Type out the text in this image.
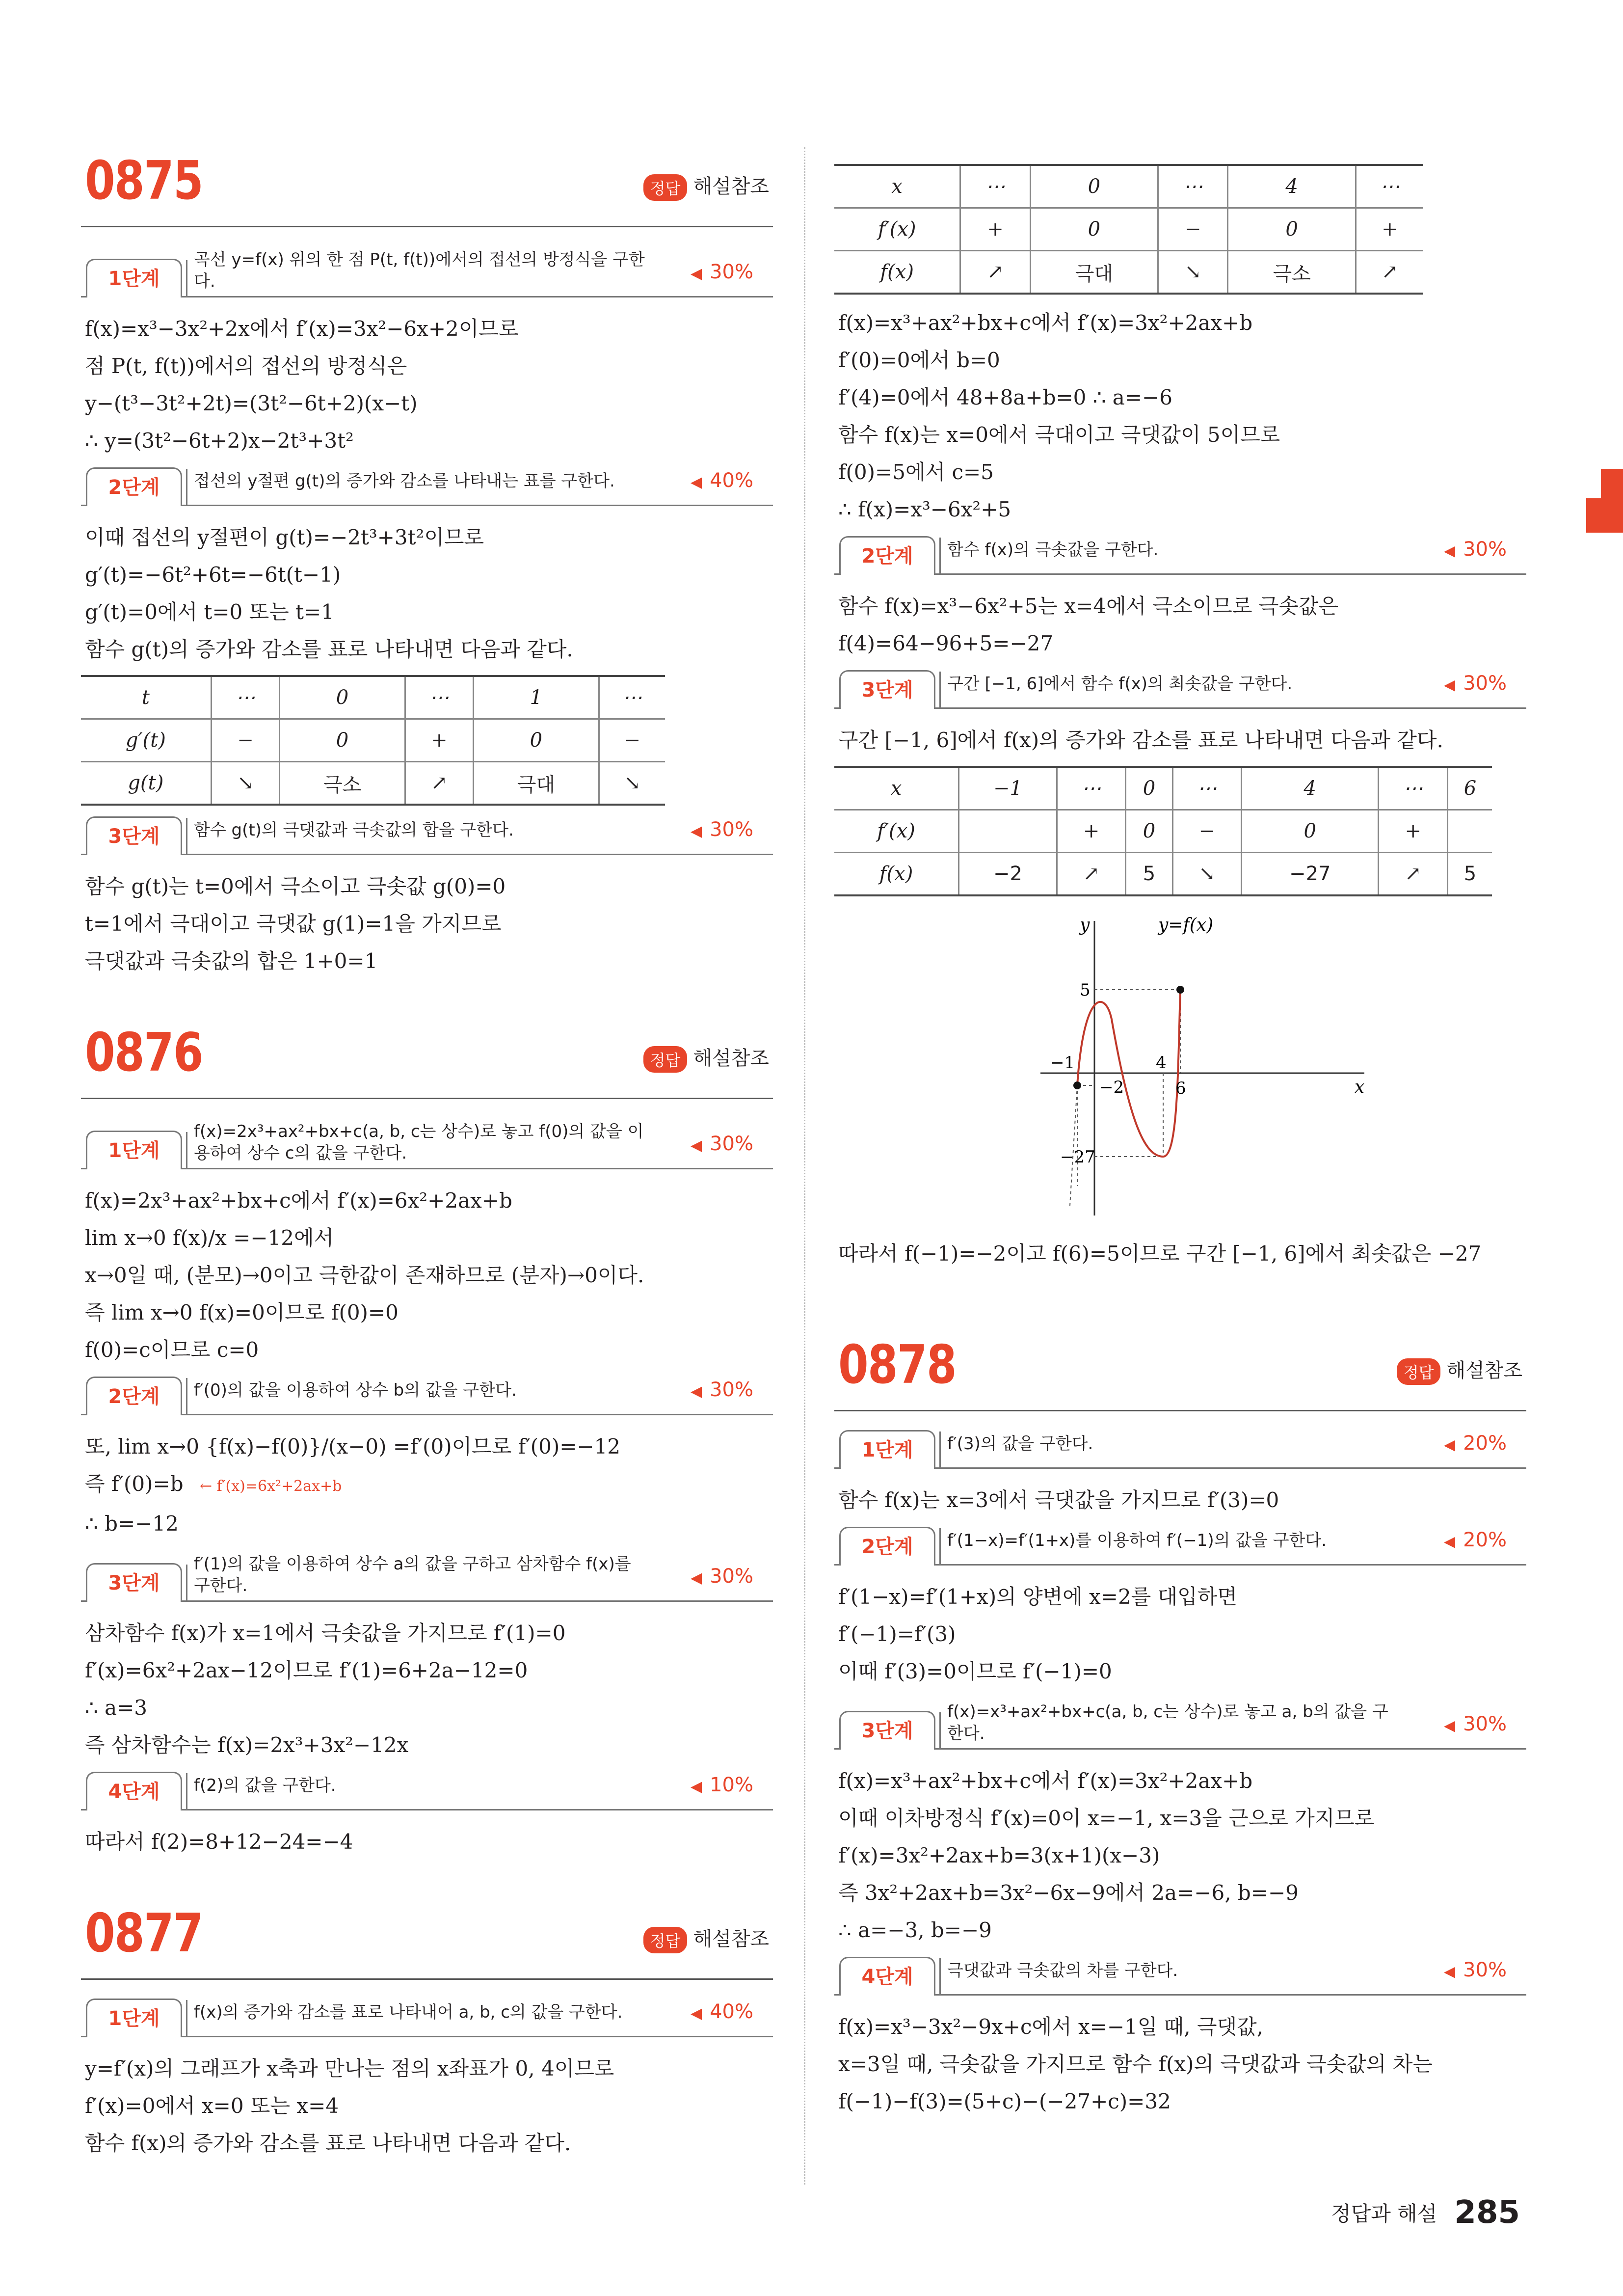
0875	정답 해설참조
1단계
곡선 y=f(x) 위의 한 점 P(t, f(t))에서의 접선의 방정식을 구한다.	◀ 30%
f(x)=x³−3x²+2x에서 f′(x)=3x²−6x+2이므로
점 P(t, f(t))에서의 접선의 방정식은
y−(t³−3t²+2t)=(3t²−6t+2)(x−t)
∴ y=(3t²−6t+2)x−2t³+3t²
2단계	접선의 y절편 g(t)의 증가와 감소를 나타내는 표를 구한다.	◀ 40%
이때 접선의 y절편이 g(t)=−2t³+3t²이므로
g′(t)=−6t²+6t=−6t(t−1)
g′(t)=0에서 t=0 또는 t=1
함수 g(t)의 증가와 감소를 표로 나타내면 다음과 같다.
t	⋯	0	⋯	1	⋯
g′(t)	−	0	+	0	−
g(t)	↘	극소	↗	극대	↘
3단계	함수 g(t)의 극댓값과 극솟값의 합을 구한다.	◀ 30%
함수 g(t)는 t=0에서 극소이고 극솟값 g(0)=0
t=1에서 극대이고 극댓값 g(1)=1을 가지므로
극댓값과 극솟값의 합은 1+0=1
0876	정답 해설참조
1단계
f(x)=2x³+ax²+bx+c(a, b, c는 상수)로 놓고 f(0)의 값을 이용하여 상수 c의 값을 구한다.	◀ 30%
f(x)=2x³+ax²+bx+c에서 f′(x)=6x²+2ax+b
lim x→0 f(x)/x =−12에서
x→0일 때, (분모)→0이고 극한값이 존재하므로 (분자)→0이다.
즉 lim x→0 f(x)=0이므로 f(0)=0
f(0)=c이므로 c=0
2단계	f′(0)의 값을 이용하여 상수 b의 값을 구한다.	◀ 30%
또, lim x→0 {f(x)−f(0)}/(x−0) =f′(0)이므로 f′(0)=−12
즉 f′(0)=b ← f′(x)=6x²+2ax+b
∴ b=−12
3단계
f′(1)의 값을 이용하여 상수 a의 값을 구하고 삼차함수 f(x)를 구한다.	◀ 30%
삼차함수 f(x)가 x=1에서 극솟값을 가지므로 f′(1)=0
f′(x)=6x²+2ax−12이므로 f′(1)=6+2a−12=0
∴ a=3
즉 삼차함수는 f(x)=2x³+3x²−12x
4단계	f(2)의 값을 구한다.	◀ 10%
따라서 f(2)=8+12−24=−4
0877	정답 해설참조
1단계	f(x)의 증가와 감소를 표로 나타내어 a, b, c의 값을 구한다.	◀ 40%
y=f′(x)의 그래프가 x축과 만나는 점의 x좌표가 0, 4이므로
f′(x)=0에서 x=0 또는 x=4
함수 f(x)의 증가와 감소를 표로 나타내면 다음과 같다.
x	⋯	0	⋯	4	⋯
f′(x)	+	0	−	0	+
f(x)	↗	극대	↘	극소	↗
f(x)=x³+ax²+bx+c에서 f′(x)=3x²+2ax+b
f′(0)=0에서 b=0
f′(4)=0에서 48+8a+b=0 ∴ a=−6
함수 f(x)는 x=0에서 극대이고 극댓값이 5이므로
f(0)=5에서 c=5
∴ f(x)=x³−6x²+5
2단계	함수 f(x)의 극솟값을 구한다.	◀ 30%
함수 f(x)=x³−6x²+5는 x=4에서 극소이므로 극솟값은
f(4)=64−96+5=−27
3단계	구간 [−1, 6]에서 함수 f(x)의 최솟값을 구한다.	◀ 30%
구간 [−1, 6]에서 f(x)의 증가와 감소를 표로 나타내면 다음과 같다.
x	−1	⋯	0	⋯	4	⋯	6
f′(x)		+	0	−	0	+	
f(x)	−2	↗	5	↘	−27	↗	5
y
x
y=f(x)
5
−1	4
6
−2
−27
따라서 f(−1)=−2이고 f(6)=5이므로 구간 [−1, 6]에서 최솟값은 −27
0878	정답 해설참조
1단계	f′(3)의 값을 구한다.	◀ 20%
함수 f(x)는 x=3에서 극댓값을 가지므로 f′(3)=0
2단계	f′(1−x)=f′(1+x)를 이용하여 f′(−1)의 값을 구한다.	◀ 20%
f′(1−x)=f′(1+x)의 양변에 x=2를 대입하면
f′(−1)=f′(3)
이때 f′(3)=0이므로 f′(−1)=0
3단계
f(x)=x³+ax²+bx+c(a, b, c는 상수)로 놓고 a, b의 값을 구한다.	◀ 30%
f(x)=x³+ax²+bx+c에서 f′(x)=3x²+2ax+b
이때 이차방정식 f′(x)=0이 x=−1, x=3을 근으로 가지므로
f′(x)=3x²+2ax+b=3(x+1)(x−3)
즉 3x²+2ax+b=3x²−6x−9에서 2a=−6, b=−9
∴ a=−3, b=−9
4단계	극댓값과 극솟값의 차를 구한다.	◀ 30%
f(x)=x³−3x²−9x+c에서 x=−1일 때, 극댓값,
x=3일 때, 극솟값을 가지므로 함수 f(x)의 극댓값과 극솟값의 차는
f(−1)−f(3)=(5+c)−(−27+c)=32
정답과 해설 285
